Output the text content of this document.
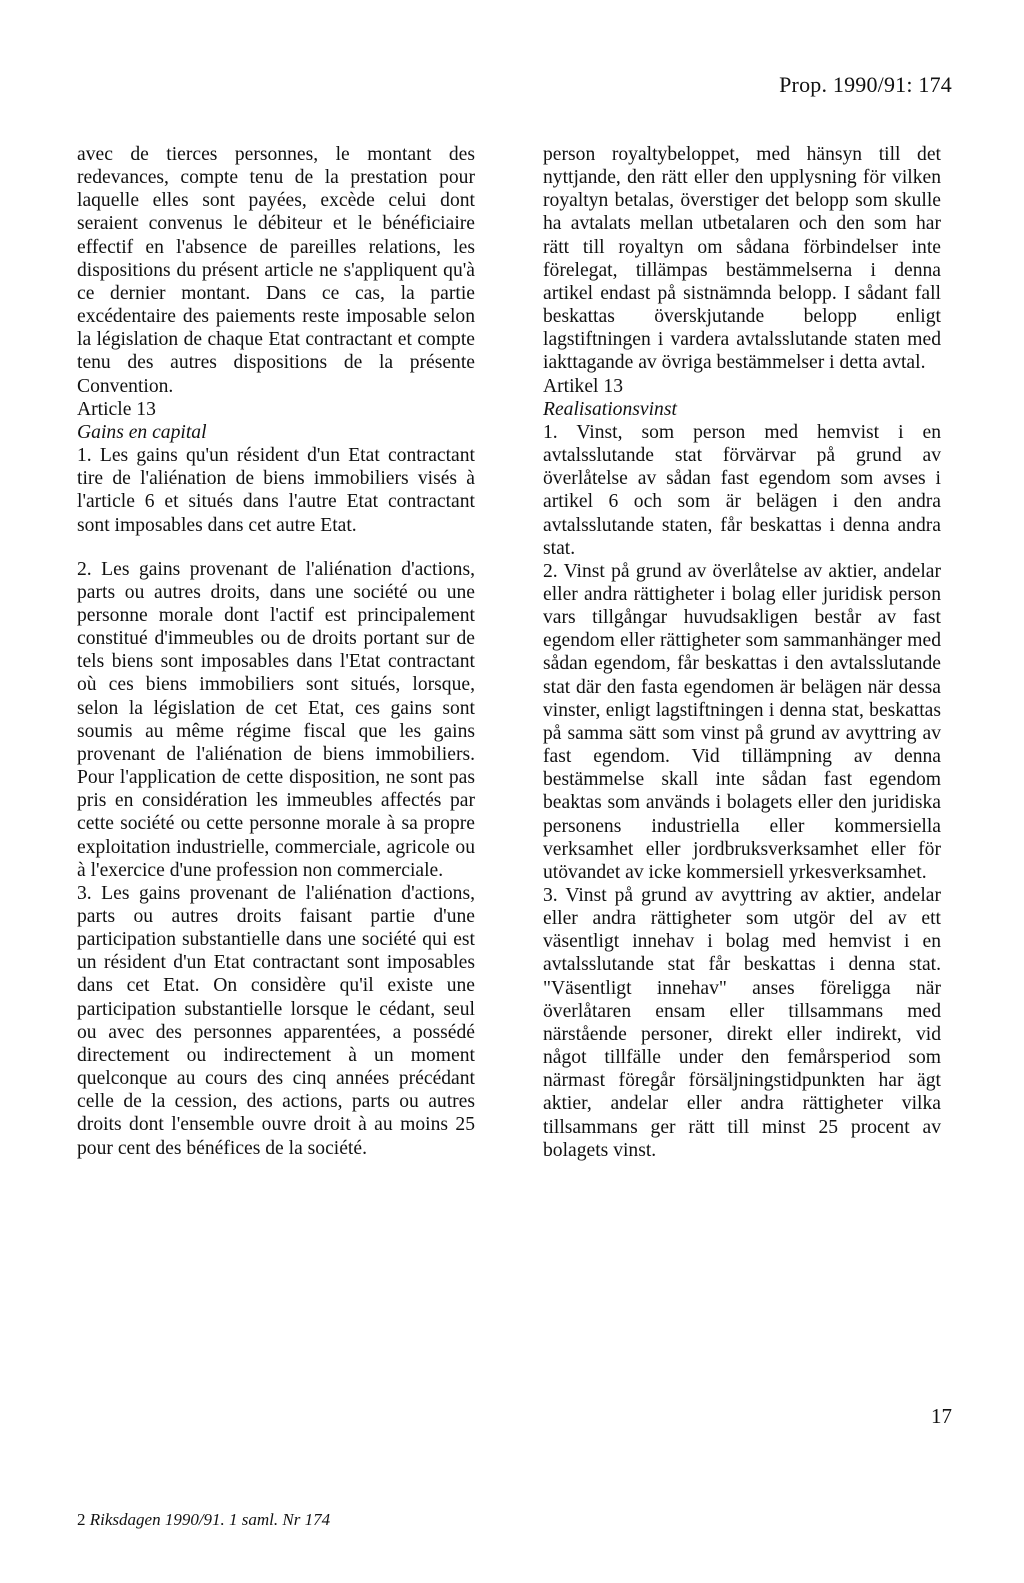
Prop. 1990/91: 174

avec de tierces personnes, le montant des redevances, compte tenu de la prestation pour laquelle elles sont payées, excède celui dont seraient convenus le débiteur et le bénéficiaire effectif en l'absence de pareilles relations, les dispositions du présent article ne s'appliquent qu'à ce dernier montant. Dans ce cas, la partie excédentaire des paiements reste imposable selon la législation de chaque Etat contractant et compte tenu des autres dispositions de la présente Convention.

Article 13

Gains en capital

1. Les gains qu'un résident d'un Etat contractant tire de l'aliénation de biens immobiliers visés à l'article 6 et situés dans l'autre Etat contractant sont imposables dans cet autre Etat.

2. Les gains provenant de l'aliénation d'actions, parts ou autres droits, dans une société ou une personne morale dont l'actif est principalement constitué d'immeubles ou de droits portant sur de tels biens sont imposables dans l'Etat contractant où ces biens immobiliers sont situés, lorsque, selon la législation de cet Etat, ces gains sont soumis au même régime fiscal que les gains provenant de l'aliénation de biens immobiliers. Pour l'application de cette disposition, ne sont pas pris en considération les immeubles affectés par cette société ou cette personne morale à sa propre exploitation industrielle, commerciale, agricole ou à l'exercice d'une profession non commerciale.

3. Les gains provenant de l'aliénation d'actions, parts ou autres droits faisant partie d'une participation substantielle dans une société qui est un résident d'un Etat contractant sont imposables dans cet Etat. On considère qu'il existe une participation substantielle lorsque le cédant, seul ou avec des personnes apparentées, a possédé directement ou indirectement à un moment quelconque au cours des cinq années précédant celle de la cession, des actions, parts ou autres droits dont l'ensemble ouvre droit à au moins 25 pour cent des bénéfices de la société.

person royaltybeloppet, med hänsyn till det nyttjande, den rätt eller den upplysning för vilken royaltyn betalas, överstiger det belopp som skulle ha avtalats mellan utbetalaren och den som har rätt till royaltyn om sådana förbindelser inte förelegat, tillämpas bestämmelserna i denna artikel endast på sistnämnda belopp. I sådant fall beskattas överskjutande belopp enligt lagstiftningen i vardera avtalsslutande staten med iakttagande av övriga bestämmelser i detta avtal.

Artikel 13

Realisationsvinst

1. Vinst, som person med hemvist i en avtalsslutande stat förvärvar på grund av överlåtelse av sådan fast egendom som avses i artikel 6 och som är belägen i den andra avtalsslutande staten, får beskattas i denna andra stat.

2. Vinst på grund av överlåtelse av aktier, andelar eller andra rättigheter i bolag eller juridisk person vars tillgångar huvudsakligen består av fast egendom eller rättigheter som sammanhänger med sådan egendom, får beskattas i den avtalsslutande stat där den fasta egendomen är belägen när dessa vinster, enligt lagstiftningen i denna stat, beskattas på samma sätt som vinst på grund av avyttring av fast egendom. Vid tillämpning av denna bestämmelse skall inte sådan fast egendom beaktas som används i bolagets eller den juridiska personens industriella eller kommersiella verksamhet eller jordbruksverksamhet eller för utövandet av icke kommersiell yrkesverksamhet.

3. Vinst på grund av avyttring av aktier, andelar eller andra rättigheter som utgör del av ett väsentligt innehav i bolag med hemvist i en avtalsslutande stat får beskattas i denna stat. "Väsentligt innehav" anses föreligga när överlåtaren ensam eller tillsammans med närstående personer, direkt eller indirekt, vid något tillfälle under den femårsperiod som närmast föregår försäljningstidpunkten har ägt aktier, andelar eller andra rättigheter vilka tillsammans ger rätt till minst 25 procent av bolagets vinst.

17
2 Riksdagen 1990/91. 1 saml. Nr 174
